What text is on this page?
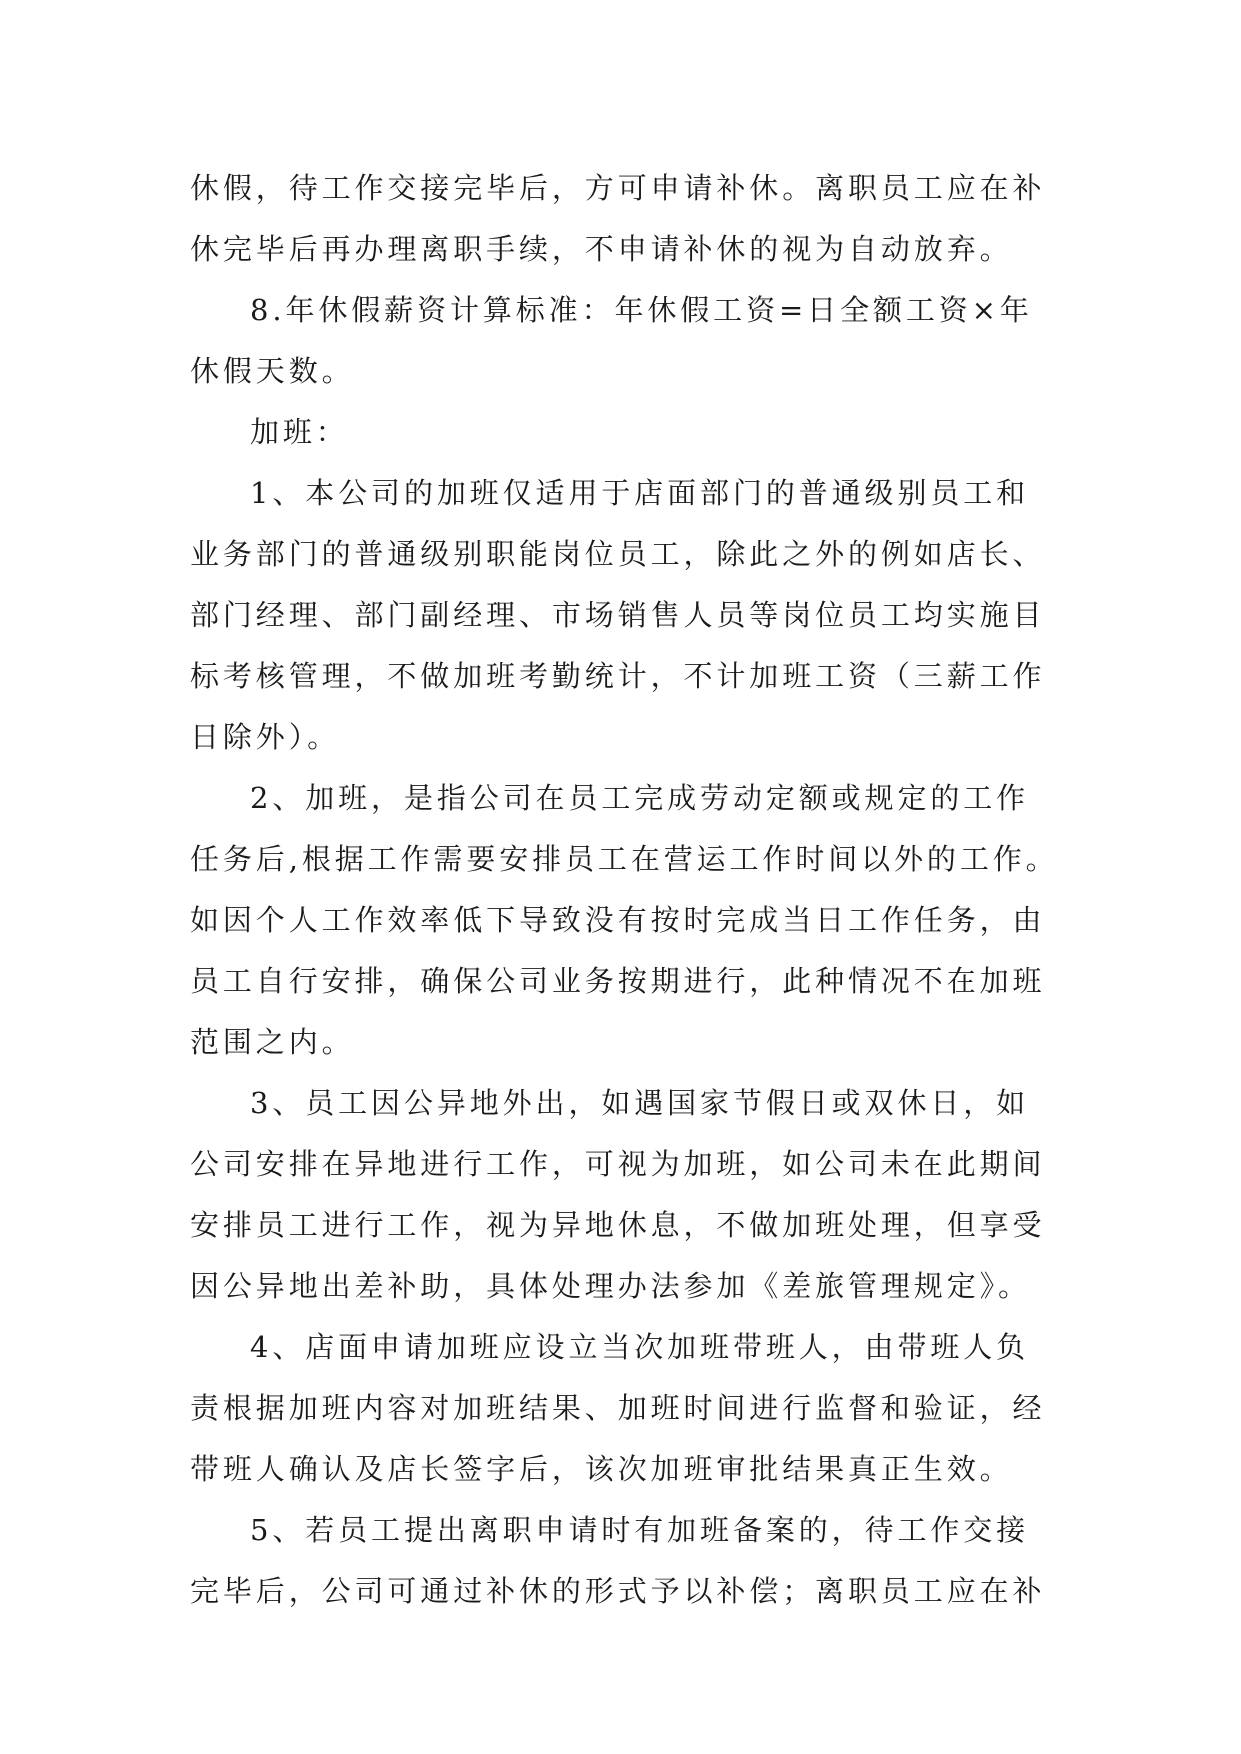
休假，待工作交接完毕后，方可申请补休。离职员工应在补
休完毕后再办理离职手续，不申请补休的视为自动放弃。
8.年休假薪资计算标准：年休假工资=日全额工资×年
休假天数。
加班：
1、本公司的加班仅适用于店面部门的普通级别员工和
业务部门的普通级别职能岗位员工，除此之外的例如店长、
部门经理、部门副经理、市场销售人员等岗位员工均实施目
标考核管理，不做加班考勤统计，不计加班工资（三薪工作
日除外）。
2、加班，是指公司在员工完成劳动定额或规定的工作
任务后,根据工作需要安排员工在营运工作时间以外的工作。
如因个人工作效率低下导致没有按时完成当日工作任务，由
员工自行安排，确保公司业务按期进行，此种情况不在加班
范围之内。
3、员工因公异地外出，如遇国家节假日或双休日，如
公司安排在异地进行工作，可视为加班，如公司未在此期间
安排员工进行工作，视为异地休息，不做加班处理，但享受
因公异地出差补助，具体处理办法参加《差旅管理规定》。
4、店面申请加班应设立当次加班带班人，由带班人负
责根据加班内容对加班结果、加班时间进行监督和验证，经
带班人确认及店长签字后，该次加班审批结果真正生效。
5、若员工提出离职申请时有加班备案的，待工作交接
完毕后，公司可通过补休的形式予以补偿；离职员工应在补
